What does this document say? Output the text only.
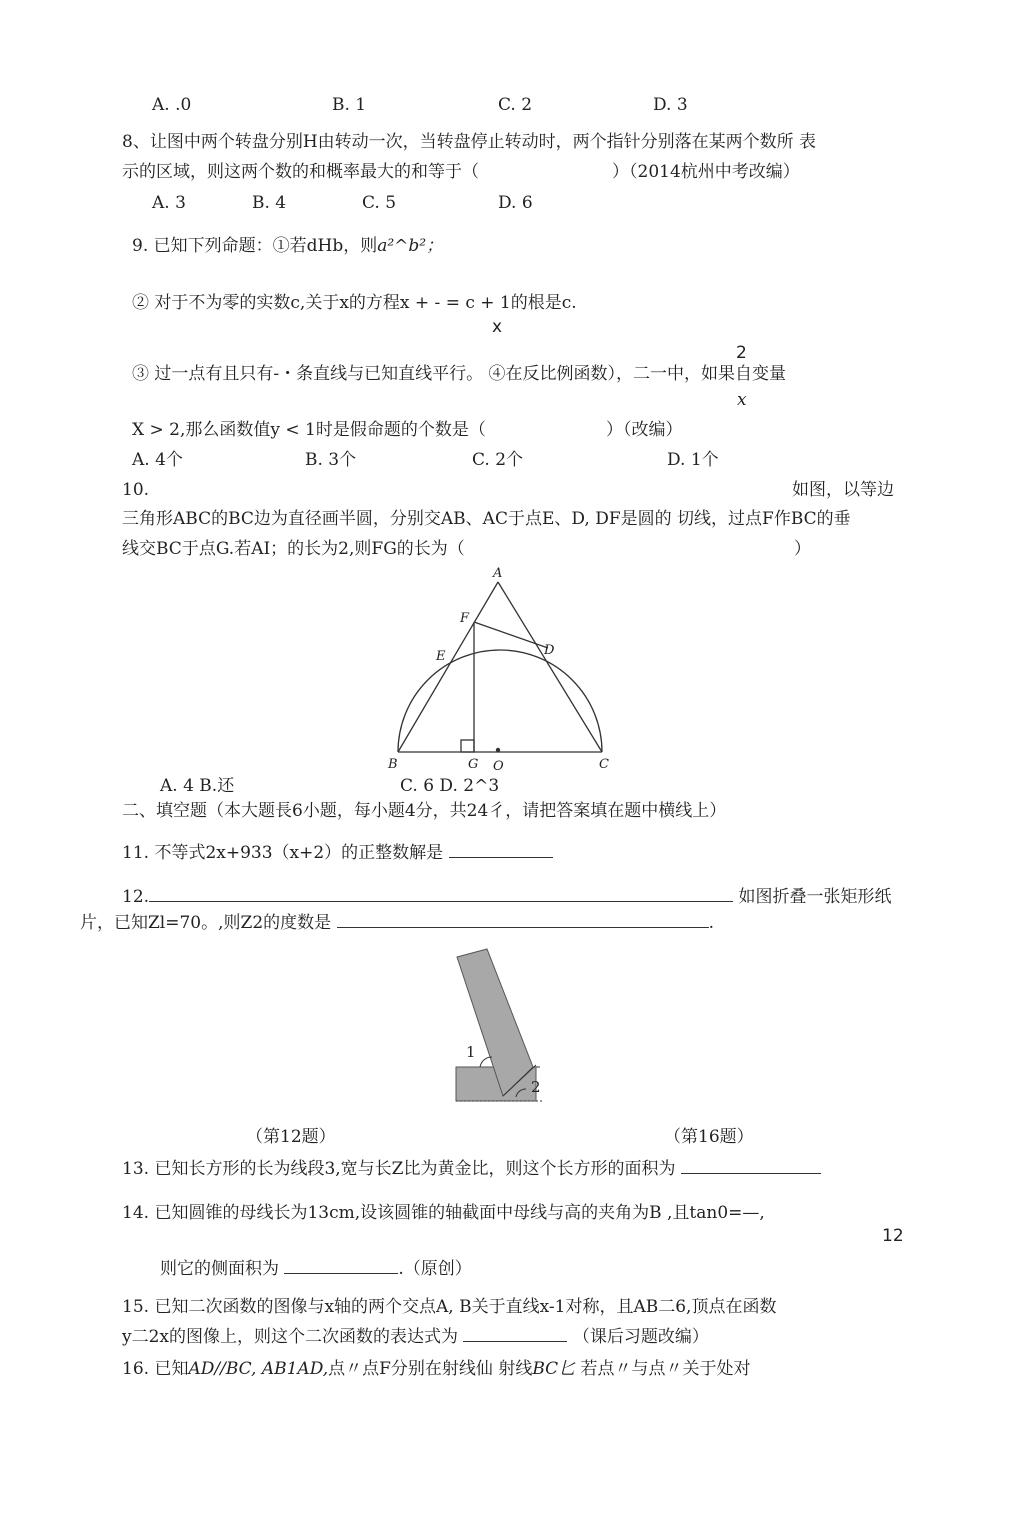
A. .0	B. 1	C. 2	D. 3
8、让图中两个转盘分别H由转动一次，当转盘停止转动时，两个指针分别落在某两个数所 表
示的区域，则这两个数的和概率最大的和等于（	）（2014杭州中考改编）
A. 3	B. 4	C. 5	D. 6
9. 已知下列命题：①若dHb，则a²^b²；
② 对于不为零的实数c,关于x的方程x + - = c + 1的根是c.
x
2
③ 过一点有且只有-・条直线与已知直线平行。 ④在反比例函数），二一中，如果自变量
x
X > 2,那么函数值y < 1时是假命题的个数是（	）（改编）
A. 4个	B. 3个	C. 2个	D. 1个
10.	如图，以等边
三角形ABC的BC边为直径画半圆，分别交AB、AC于点E、D, DF是圆的 切线，过点F作BC的垂
线交BC于点G.若AI；的长为2,则FG的长为（	）
A
F
E	D
B	G O	C
A. 4 B.还	C. 6 D. 2^3
二、填空题（本大题長6小题，每小题4分，共24彳，请把答案填在题中横线上）
11. 不等式2x+933（x+2）的正整数解是
12.	如图折叠一张矩形纸
片，已知Zl=70。,则Z2的度数是	.
1
2
（第12题）	（第16题）
13. 已知长方形的长为线段3,宽与长Z比为黄金比，则这个长方形的面积为
14. 已知圆锥的母线长为13cm,设该圆锥的轴截面中母线与高的夹角为B ,且tan0=—,
12
则它的侧面积为	.（原创）
15. 已知二次函数的图像与x轴的两个交点A, B关于直线x-1对称，且AB二6,顶点在函数
y二2x的图像上，则这个二次函数的表达式为	（课后习题改编）
16. 已知AD//BC, AB1AD,点〃点F分别在射线仙 射线BC匕 若点〃与点〃关于处对
